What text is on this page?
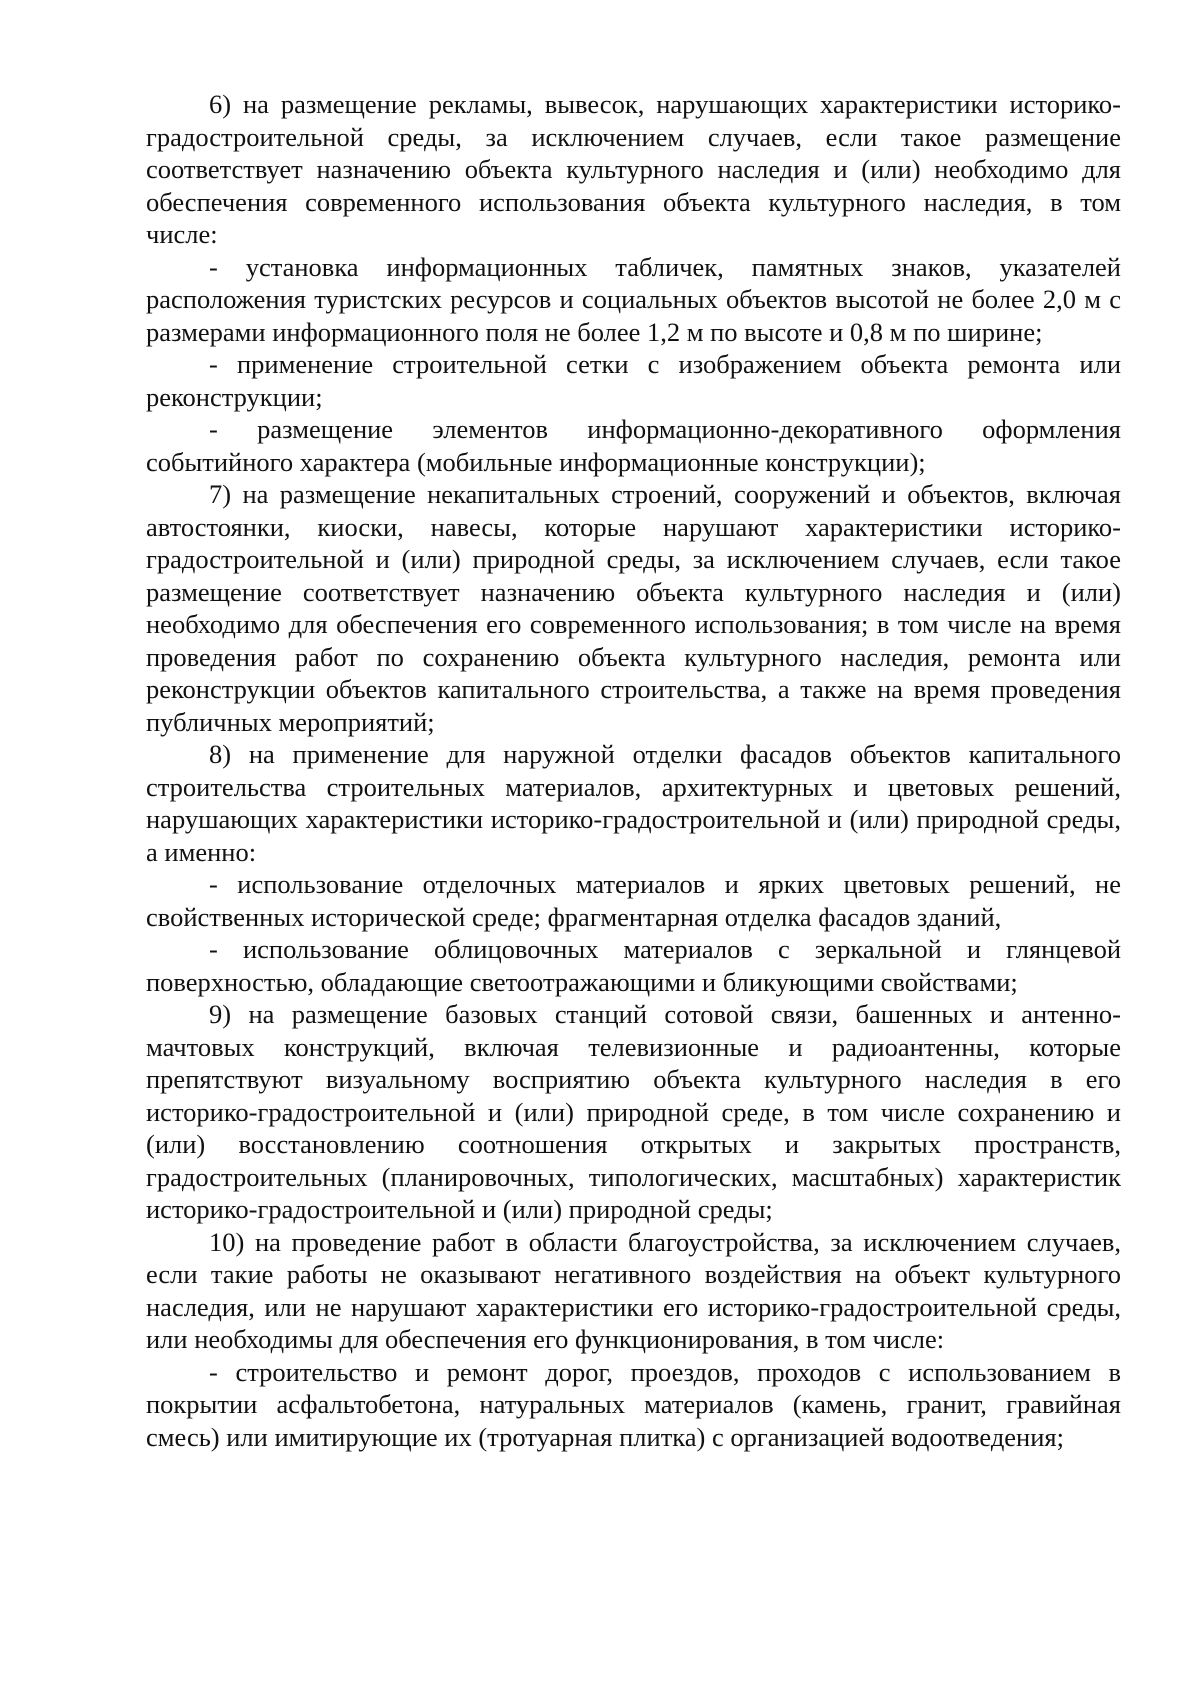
6) на размещение рекламы, вывесок, нарушающих характеристики историко-градостроительной среды, за исключением случаев, если такое размещение соответствует назначению объекта культурного наследия и (или) необходимо для обеспечения современного использования объекта культурного наследия, в том числе:

- установка информационных табличек, памятных знаков, указателей расположения туристских ресурсов и социальных объектов высотой не более 2,0 м с размерами информационного поля не более 1,2 м по высоте и 0,8 м по ширине;

- применение строительной сетки с изображением объекта ремонта или реконструкции;

- размещение элементов информационно-декоративного оформления событийного характера (мобильные информационные конструкции);

7) на размещение некапитальных строений, сооружений и объектов, включая автостоянки, киоски, навесы, которые нарушают характеристики историко-градостроительной и (или) природной среды, за исключением случаев, если такое размещение соответствует назначению объекта культурного наследия и (или) необходимо для обеспечения его современного использования; в том числе на время проведения работ по сохранению объекта культурного наследия, ремонта или реконструкции объектов капитального строительства, а также на время проведения публичных мероприятий;

8) на применение для наружной отделки фасадов объектов капитального строительства строительных материалов, архитектурных и цветовых решений, нарушающих характеристики историко-градостроительной и (или) природной среды, а именно:

- использование отделочных материалов и ярких цветовых решений, не свойственных исторической среде; фрагментарная отделка фасадов зданий,

- использование облицовочных материалов с зеркальной и глянцевой поверхностью, обладающие светоотражающими и бликующими свойствами;

9) на размещение базовых станций сотовой связи, башенных и антенно-мачтовых конструкций, включая телевизионные и радиоантенны, которые препятствуют визуальному восприятию объекта культурного наследия в его историко-градостроительной и (или) природной среде, в том числе сохранению и (или) восстановлению соотношения открытых и закрытых пространств, градостроительных (планировочных, типологических, масштабных) характеристик историко-градостроительной и (или) природной среды;

10) на проведение работ в области благоустройства, за исключением случаев, если такие работы не оказывают негативного воздействия на объект культурного наследия, или не нарушают характеристики его историко-градостроительной среды, или необходимы для обеспечения его функционирования, в том числе:

- строительство и ремонт дорог, проездов, проходов с использованием в покрытии асфальтобетона, натуральных материалов (камень, гранит, гравийная смесь) или имитирующие их (тротуарная плитка) с организацией водоотведения;
